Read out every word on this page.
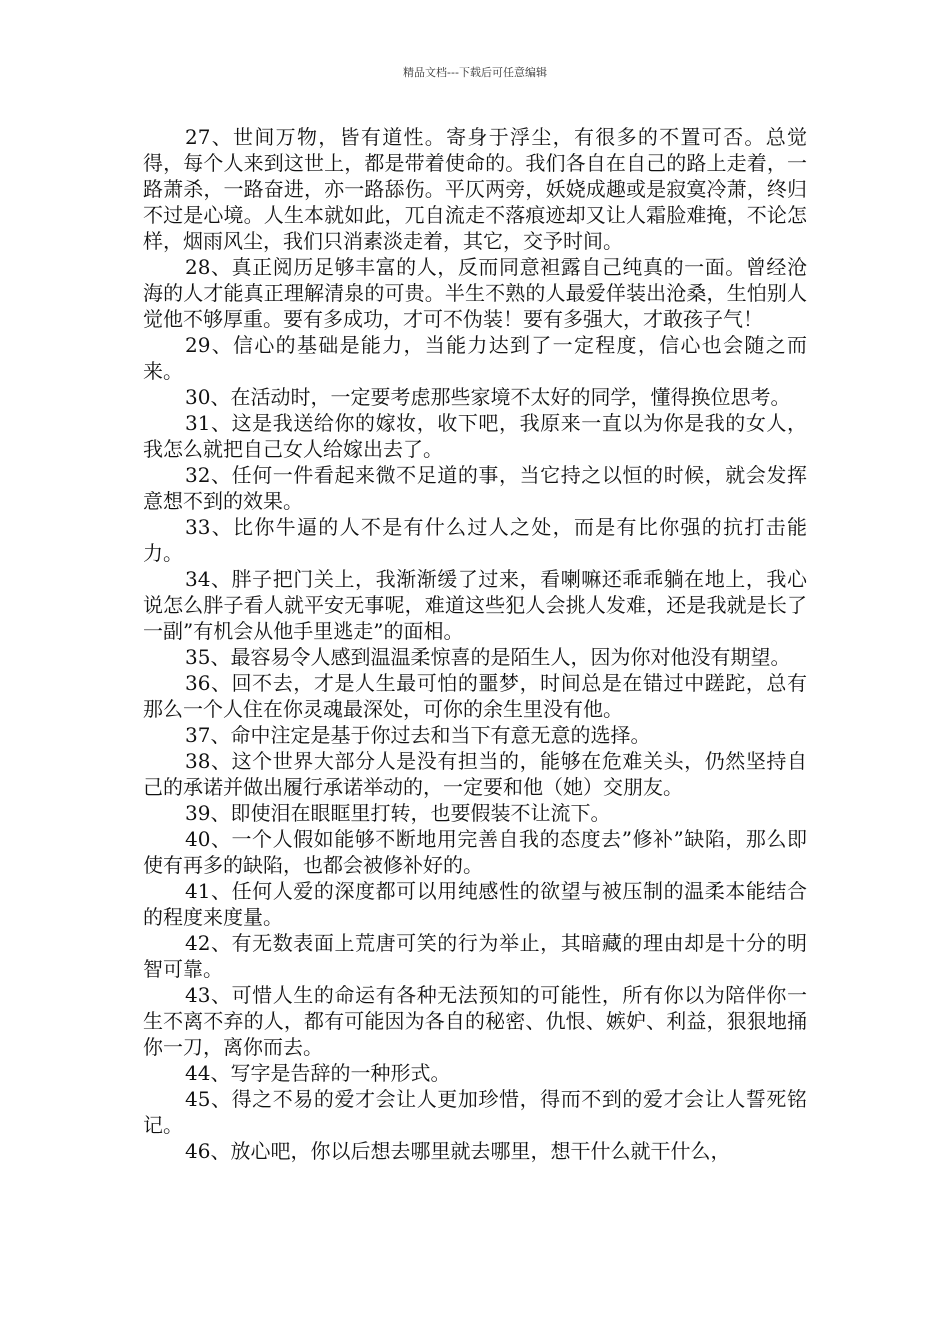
精品文档---下载后可任意编辑

27、世间万物，皆有道性。寄身于浮尘，有很多的不置可否。总觉得，每个人来到这世上，都是带着使命的。我们各自在自己的路上走着，一路萧杀，一路奋进，亦一路舔伤。平仄两旁，妖娆成趣或是寂寞冷萧，终归不过是心境。人生本就如此，兀自流走不落痕迹却又让人霜脸难掩，不论怎样，烟雨风尘，我们只消素淡走着，其它，交予时间。

28、真正阅历足够丰富的人，反而同意袒露自己纯真的一面。曾经沧海的人才能真正理解清泉的可贵。半生不熟的人最爱佯装出沧桑，生怕别人觉他不够厚重。要有多成功，才可不伪装！要有多强大，才敢孩子气！

29、信心的基础是能力，当能力达到了一定程度，信心也会随之而来。

30、在活动时，一定要考虑那些家境不太好的同学，懂得换位思考。

31、这是我送给你的嫁妆，收下吧，我原来一直以为你是我的女人，我怎么就把自己女人给嫁出去了。

32、任何一件看起来微不足道的事，当它持之以恒的时候，就会发挥意想不到的效果。

33、比你牛逼的人不是有什么过人之处，而是有比你强的抗打击能力。

34、胖子把门关上，我渐渐缓了过来，看喇嘛还乖乖躺在地上，我心说怎么胖子看人就平安无事呢，难道这些犯人会挑人发难，还是我就是长了一副”有机会从他手里逃走”的面相。

35、最容易令人感到温温柔惊喜的是陌生人，因为你对他没有期望。

36、回不去，才是人生最可怕的噩梦，时间总是在错过中蹉跎，总有那么一个人住在你灵魂最深处，可你的余生里没有他。

37、命中注定是基于你过去和当下有意无意的选择。

38、这个世界大部分人是没有担当的，能够在危难关头，仍然坚持自己的承诺并做出履行承诺举动的，一定要和他（她）交朋友。

39、即使泪在眼眶里打转，也要假装不让流下。

40、一个人假如能够不断地用完善自我的态度去”修补”缺陷，那么即使有再多的缺陷，也都会被修补好的。

41、任何人爱的深度都可以用纯感性的欲望与被压制的温柔本能结合的程度来度量。

42、有无数表面上荒唐可笑的行为举止，其暗藏的理由却是十分的明智可靠。

43、可惜人生的命运有各种无法预知的可能性，所有你以为陪伴你一生不离不弃的人，都有可能因为各自的秘密、仇恨、嫉妒、利益，狠狠地捅你一刀，离你而去。

44、写字是告辞的一种形式。

45、得之不易的爱才会让人更加珍惜，得而不到的爱才会让人誓死铭记。

46、放心吧，你以后想去哪里就去哪里，想干什么就干什么，
